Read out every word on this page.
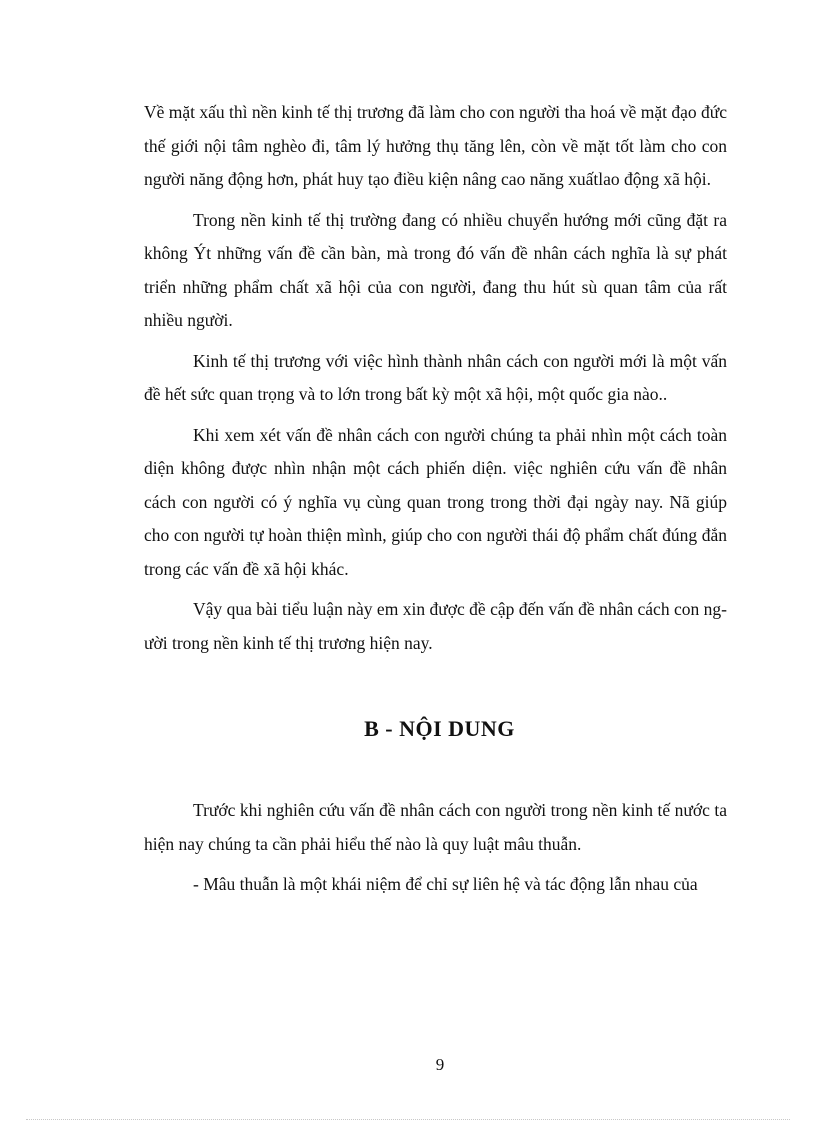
Về mặt xấu thì nền kinh tế thị trương đã làm cho con người tha hoá về mặt đạo đức thế giới nội tâm nghèo đi, tâm lý hưởng thụ tăng lên, còn về mặt tốt làm cho con người năng động hơn, phát huy tạo điều kiện nâng cao năng xuấtlao động xã hội.

Trong nền kinh tế thị trường đang có nhiều chuyển hướng mới cũng đặt ra không Ýt những vấn đề cần bàn, mà trong đó vấn đề nhân cách nghĩa là sự phát triển những phẩm chất xã hội của con người, đang thu hút sù quan tâm của rất nhiều người.

Kinh tế thị trương với việc hình thành nhân cách con người mới là một vấn đề hết sức quan trọng và to lớn trong bất kỳ một xã hội, một quốc gia nào..

Khi xem xét vấn đề nhân cách con người chúng ta phải nhìn một cách toàn diện không được nhìn nhận một cách phiến diện. việc nghiên cứu vấn đề nhân cách con người có ý nghĩa vụ cùng quan trong trong thời đại ngày nay. Nã giúp cho con người tự hoàn thiện mình, giúp cho con người thái độ phẩm chất đúng đắn trong các vấn đề xã hội khác.

Vậy qua bài tiểu luận này em xin được đề cập đến vấn đề nhân cách con người trong nền kinh tế thị trương hiện nay.

B - NỘI DUNG

Trước khi nghiên cứu vấn đề nhân cách con người trong nền kinh tế nước ta hiện nay chúng ta cần phải hiểu thế nào là quy luật mâu thuẫn.

- Mâu thuẫn là một khái niệm để chỉ sự liên hệ và tác động lẫn nhau của

9
